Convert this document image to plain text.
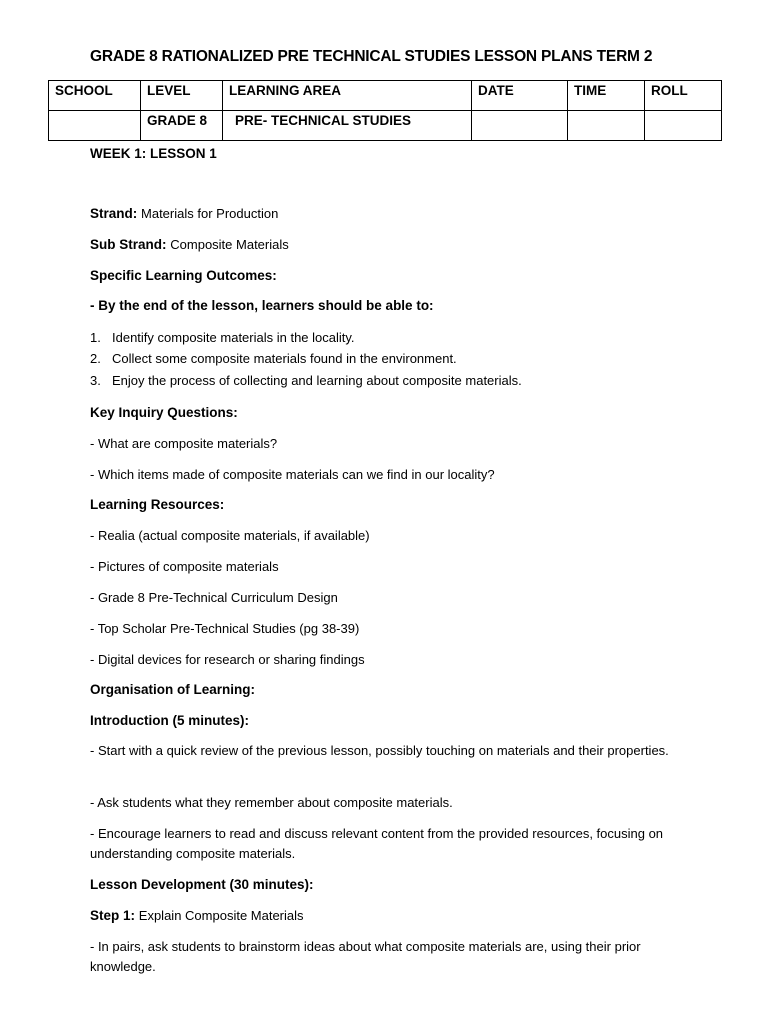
GRADE 8 RATIONALIZED PRE TECHNICAL STUDIES LESSON PLANS TERM 2
SCHOOL	LEVEL	LEARNING AREA	DATE	TIME	ROLL
	GRADE 8	PRE- TECHNICAL STUDIES			
WEEK 1: LESSON 1
Strand: Materials for Production
Sub Strand: Composite Materials
Specific Learning Outcomes:
- By the end of the lesson, learners should be able to:
1. Identify composite materials in the locality.
2. Collect some composite materials found in the environment.
3. Enjoy the process of collecting and learning about composite materials.
Key Inquiry Questions:
- What are composite materials?
- Which items made of composite materials can we find in our locality?
Learning Resources:
- Realia (actual composite materials, if available)
- Pictures of composite materials
- Grade 8 Pre-Technical Curriculum Design
- Top Scholar Pre-Technical Studies (pg 38-39)
- Digital devices for research or sharing findings
Organisation of Learning:
Introduction (5 minutes):
- Start with a quick review of the previous lesson, possibly touching on materials and their properties.
- Ask students what they remember about composite materials.
- Encourage learners to read and discuss relevant content from the provided resources, focusing on understanding composite materials.
Lesson Development (30 minutes):
Step 1: Explain Composite Materials
- In pairs, ask students to brainstorm ideas about what composite materials are, using their prior knowledge.
